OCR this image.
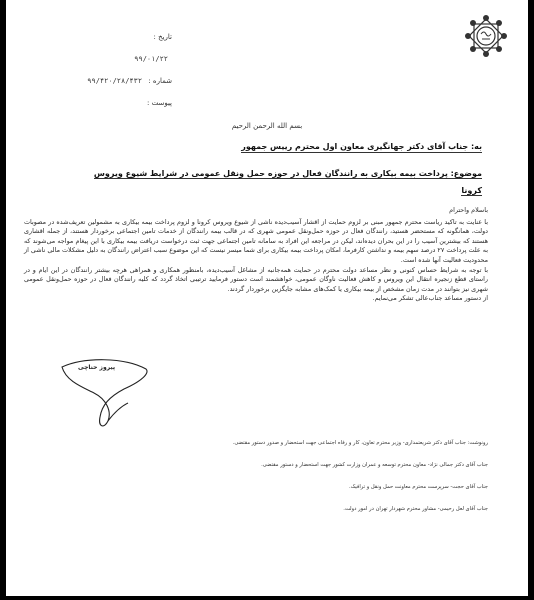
تاریخ :
۹۹/۰۱/۲۲
شماره : ۹۹/۴۲۰/۲۸/۴۳۲
پیوست :
بسم الله الرحمن الرحیم
به: جناب آقای دکتر جهانگیری معاون اول محترم رییس جمهور
موضوع: پرداخت بیمه بیکاری به رانندگان فعال در حوزه حمل ونقل عمومی در شرایط شیوع ویروس
کرونا

باسلام واحترام

با عنایت به تاکید ریاست محترم جمهور مبنی بر لزوم حمایت از اقشار آسیب‌دیده ناشی از شیوع ویروس کرونا و لزوم پرداخت بیمه بیکاری به مشمولین تعریف‌شده در مصوبات دولت، همانگونه که مستحضر هستید، رانندگان فعال در حوزه حمل‌ونقل عمومی شهری که در قالب بیمه رانندگان از خدمات تامین اجتماعی برخوردار هستند، از جمله اقشاری هستند که بیشترین آسیب را در این بحران دیده‌اند، لیکن در مراجعه این افراد به سامانه تامین اجتماعی جهت ثبت درخواست دریافت بیمه بیکاری با این پیغام مواجه می‌شوند که به علت پرداخت ۲۷ درصد سهم بیمه و نداشتن کارفرما، امکان پرداخت بیمه بیکاری برای شما میسر نیست که این موضوع سبب اعتراض رانندگان به دلیل مشکلات مالی ناشی از محدودیت فعالیت آنها شده است.

با توجه به شرایط حساس کنونی و نظر مساعد دولت محترم در حمایت همه‌جانبه از مشاغل آسیب‌دیده، بامنظور همکاری و همراهی هرچه بیشتر رانندگان در این ایام و در راستای قطع زنجیره انتقال این ویروس و کاهش فعالیت ناوگان عمومی، خواهشمند است دستور فرمایید ترتیبی اتخاذ گردد که کلیه رانندگان فعال در حوزه حمل‌ونقل عمومی شهری نیز بتوانند در مدت زمان مشخص از بیمه بیکاری یا کمک‌های مشابه جایگزین برخوردار گردند.

از دستور مساعد جناب‌عالی تشکر می‌نمایم.

پیروز حناچی
رونوشت: جناب آقای دکتر شریعتمداری- وزیر محترم تعاون، کار و رفاه اجتماعی جهت استحضار و صدور دستور مقتضی.
جناب آقای دکتر جمالی نژاد- معاون محترم توسعه و عمران وزارت کشور جهت استحضار و دستور مقتضی.
جناب آقای حجت- سرپرست محترم معاونت حمل ونقل و ترافیک.
جناب آقای لعل رحیمی- مشاور محترم شهردار تهران در امور دولت.
